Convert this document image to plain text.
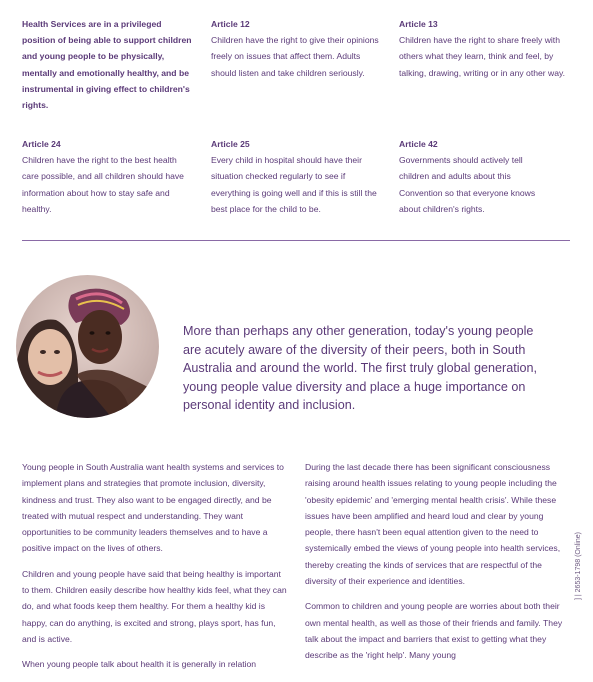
Health Services are in a privileged position of being able to support children and young people to be physically, mentally and emotionally healthy, and be instrumental in giving effect to children's rights.
Article 12
Children have the right to give their opinions freely on issues that affect them. Adults should listen and take children seriously.
Article 13
Children have the right to share freely with others what they learn, think and feel, by talking, drawing, writing or in any other way.
Article 24
Children have the right to the best health care possible, and all children should have information about how to stay safe and healthy.
Article 25
Every child in hospital should have their situation checked regularly to see if everything is going well and if this is still the best place for the child to be.
Article 42
Governments should actively tell children and adults about this Convention so that everyone knows about children's rights.
More than perhaps any other generation, today's young people are acutely aware of the diversity of their peers, both in South Australia and around the world. The first truly global generation, young people value diversity and place a huge importance on personal identity and inclusion.

Young people in South Australia want health systems and services to implement plans and strategies that promote inclusion, diversity, kindness and trust. They also want to be engaged directly, and be treated with mutual respect and understanding. They want opportunities to be community leaders themselves and to have a positive impact on the lives of others.

Children and young people have said that being healthy is important to them. Children easily describe how healthy kids feel, what they can do, and what foods keep them healthy. For them a healthy kid is happy, can do anything, is excited and strong, plays sport, has fun, and is active.

When young people talk about health it is generally in relation

During the last decade there has been significant consciousness raising around health issues relating to young people including the 'obesity epidemic' and 'emerging mental health crisis'. While these issues have been amplified and heard loud and clear by young people, there hasn't been equal attention given to the need to systemically embed the views of young people into health services, thereby creating the kinds of services that are respectful of the diversity of their experience and identities.

Common to children and young people are worries about both their own mental health, as well as those of their friends and family. They talk about the impact and barriers that exist to getting what they describe as the 'right help'. Many young

] | 2653-1798 (Online)
